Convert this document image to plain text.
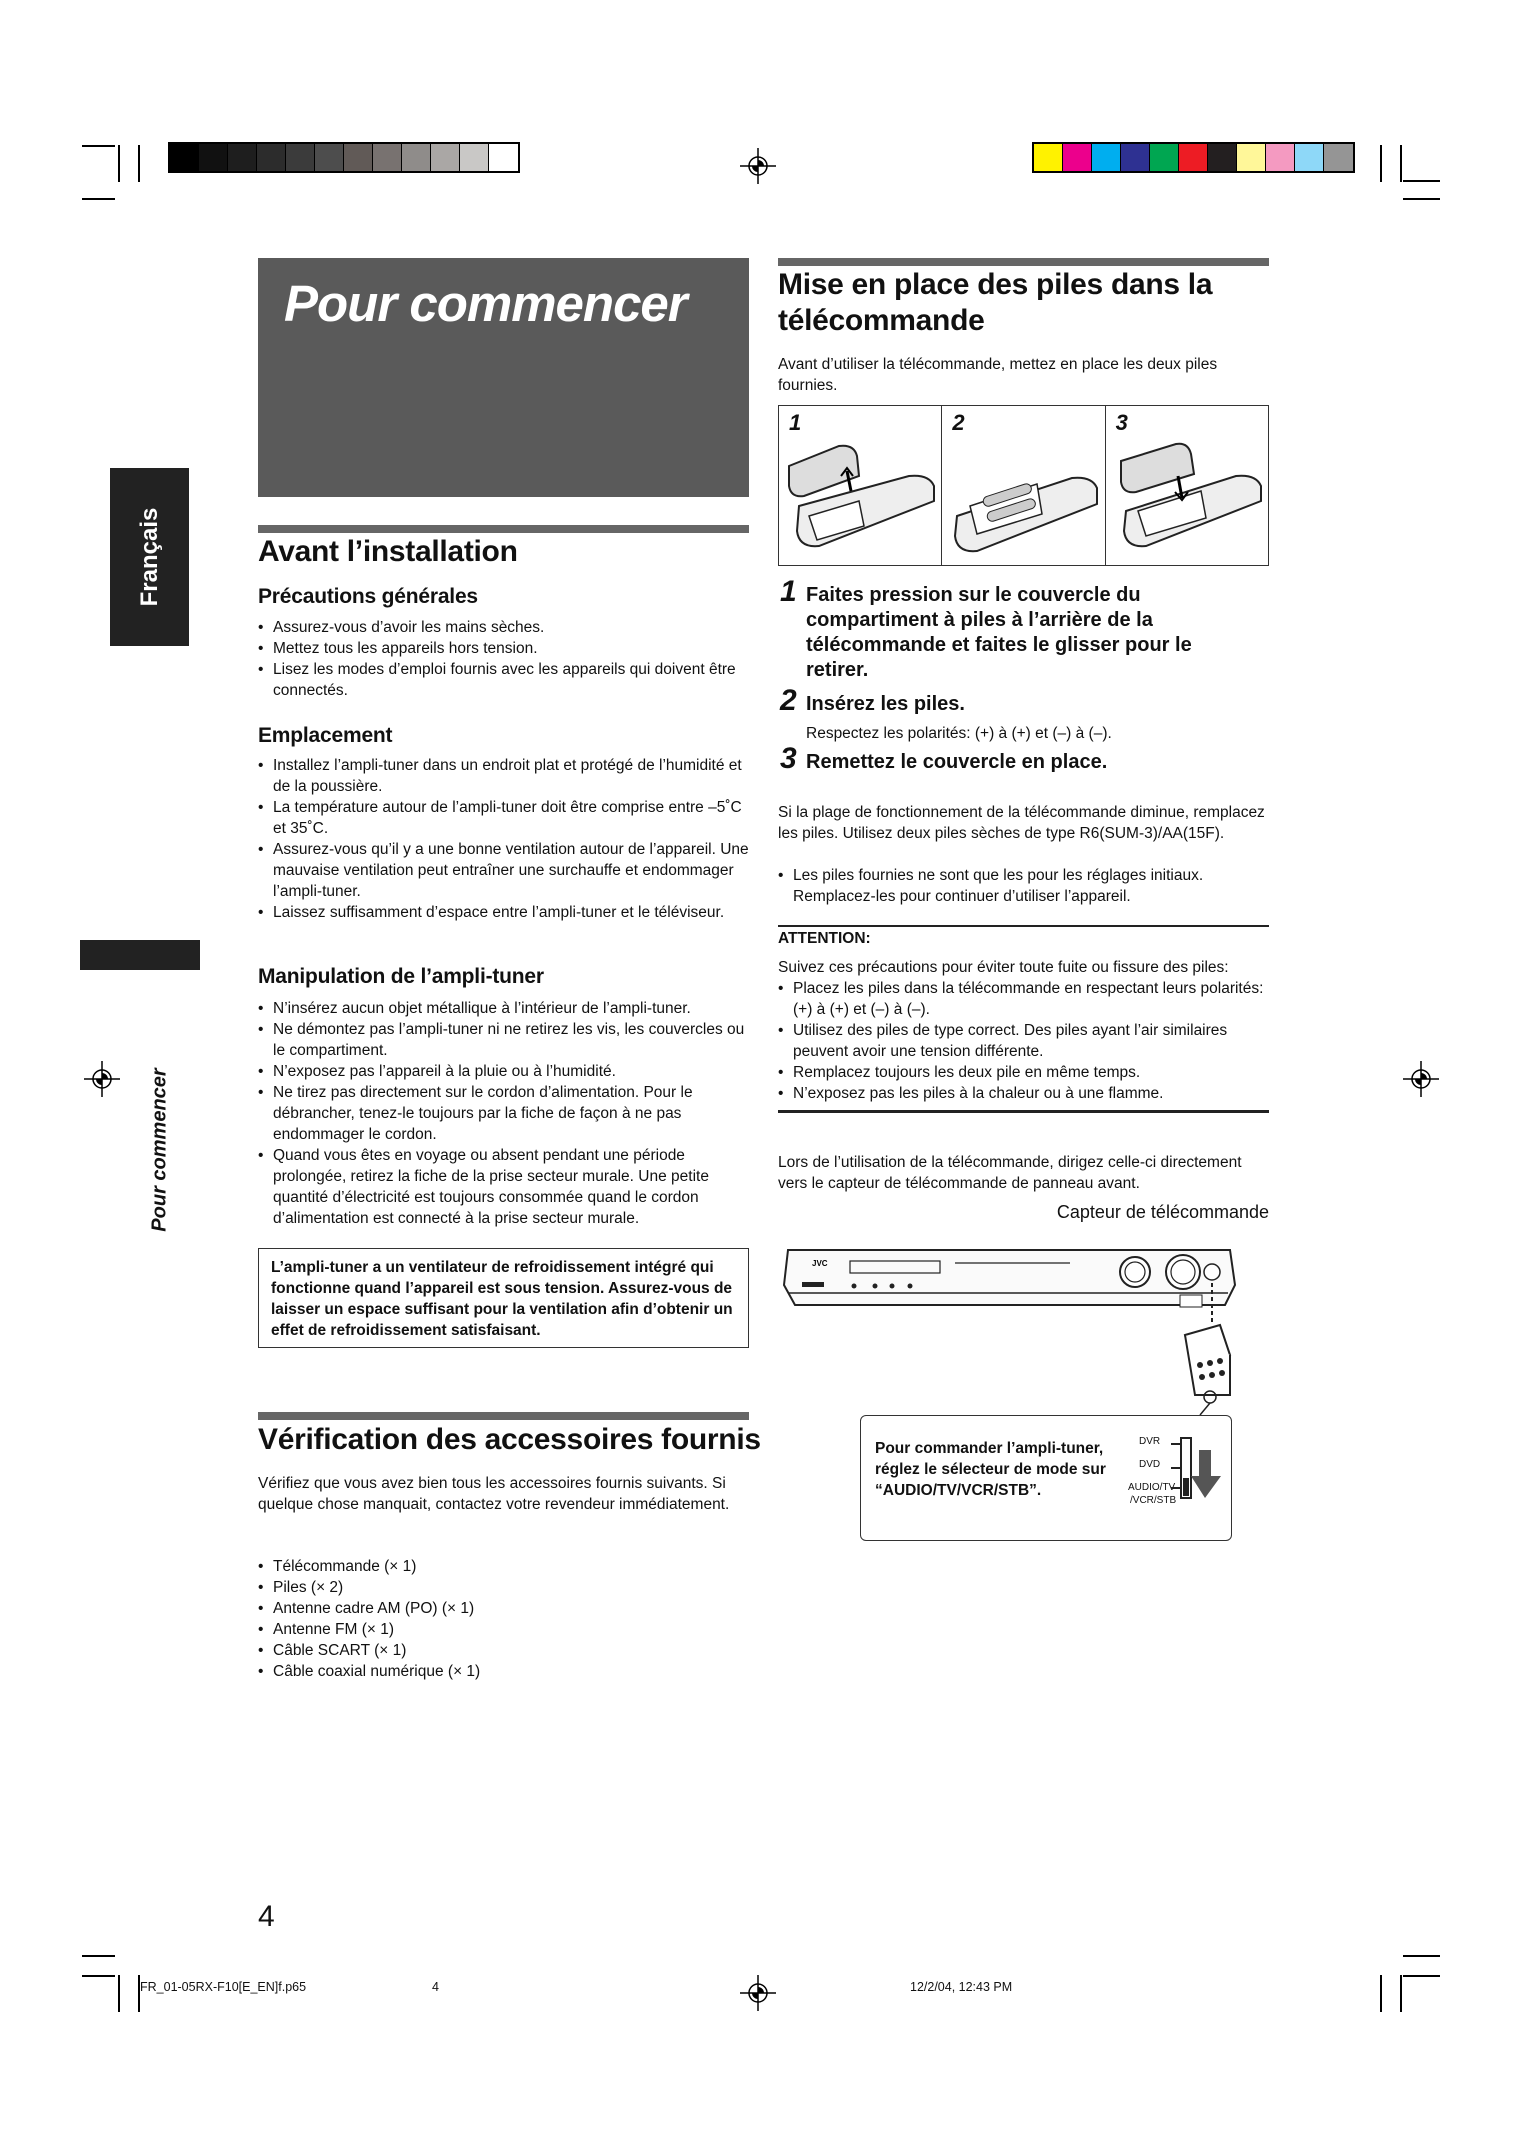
Français
Pour commencer
Pour commencer
Avant l’installation
Précautions générales
• Assurez-vous d’avoir les mains sèches.
• Mettez tous les appareils hors tension.
• Lisez les modes d’emploi fournis avec les appareils qui doivent être connectés.
Emplacement
• Installez l’ampli-tuner dans un endroit plat et protégé de l’humidité et de la poussière.
• La température autour de l’ampli-tuner doit être comprise entre –5˚C et 35˚C.
• Assurez-vous qu’il y a une bonne ventilation autour de l’appareil. Une mauvaise ventilation peut entraîner une surchauffe et endommager l’ampli-tuner.
• Laissez suffisamment d’espace entre l’ampli-tuner et le téléviseur.
Manipulation de l’ampli-tuner
• N’insérez aucun objet métallique à l’intérieur de l’ampli-tuner.
• Ne démontez pas l’ampli-tuner ni ne retirez les vis, les couvercles ou le compartiment.
• N’exposez pas l’appareil à la pluie ou à l’humidité.
• Ne tirez pas directement sur le cordon d’alimentation. Pour le débrancher, tenez-le toujours par la fiche de façon à ne pas endommager le cordon.
• Quand vous êtes en voyage ou absent pendant une période prolongée, retirez la fiche de la prise secteur murale. Une petite quantité d’électricité est toujours consommée quand le cordon d’alimentation est connecté à la prise secteur murale.
L’ampli-tuner a un ventilateur de refroidissement intégré qui fonctionne quand l’appareil est sous tension. Assurez-vous de laisser un espace suffisant pour la ventilation afin d’obtenir un effet de refroidissement satisfaisant.
Vérification des accessoires fournis
Vérifiez que vous avez bien tous les accessoires fournis suivants. Si quelque chose manquait, contactez votre revendeur immédiatement.
• Télécommande (× 1)
• Piles (× 2)
• Antenne cadre AM (PO) (× 1)
• Antenne FM (× 1)
• Câble SCART (× 1)
• Câble coaxial numérique (× 1)
4
Mise en place des piles dans la
télécommande
Avant d’utiliser la télécommande, mettez en place les deux piles fournies.
1	2	3
1 Faites pression sur le couvercle du compartiment à piles à l’arrière de la télécommande et faites le glisser pour le retirer.
2 Insérez les piles.
Respectez les polarités: (+) à (+) et (–) à (–).
3 Remettez le couvercle en place.
Si la plage de fonctionnement de la télécommande diminue, remplacez les piles. Utilisez deux piles sèches de type R6(SUM-3)/AA(15F).
• Les piles fournies ne sont que les pour les réglages initiaux. Remplacez-les pour continuer d’utiliser l’appareil.
ATTENTION:
Suivez ces précautions pour éviter toute fuite ou fissure des piles:
• Placez les piles dans la télécommande en respectant leurs polarités: (+) à (+) et (–) à (–).
• Utilisez des piles de type correct. Des piles ayant l’air similaires peuvent avoir une tension différente.
• Remplacez toujours les deux pile en même temps.
• N’exposez pas les piles à la chaleur ou à une flamme.
Lors de l’utilisation de la télécommande, dirigez celle-ci directement vers le capteur de télécommande de panneau avant.
Capteur de télécommande
JVC
Pour commander l’ampli-tuner, réglez le sélecteur de mode sur “AUDIO/TV/VCR/STB”.
DVR
DVD
AUDIO/TV
/VCR/STB
FR_01-05RX-F10[E_EN]f.p65	4	12/2/04, 12:43 PM
